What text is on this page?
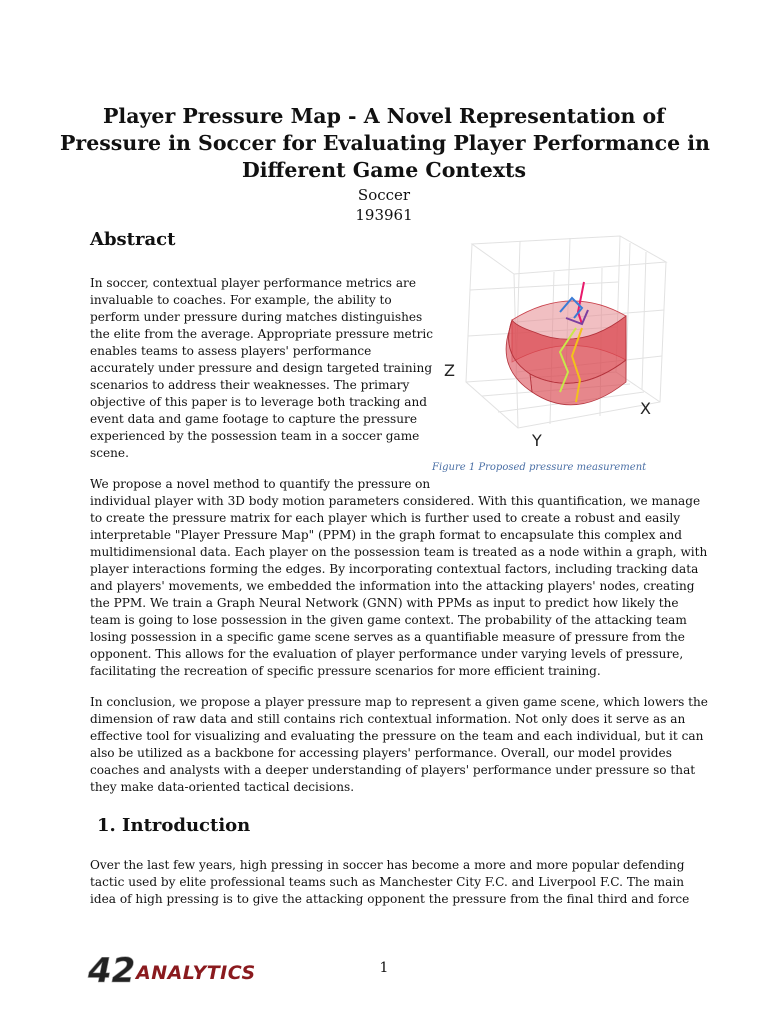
Player Pressure Map - A Novel Representation of
Pressure in Soccer for Evaluating Player Performance in
Different Game Contexts
Soccer
193961
Abstract

In soccer, contextual player performance metrics are
invaluable to coaches. For example, the ability to
perform under pressure during matches distinguishes
the elite from the average. Appropriate pressure metric
enables teams to assess players' performance
accurately under pressure and design targeted training
scenarios to address their weaknesses. The primary
objective of this paper is to leverage both tracking and
event data and game footage to capture the pressure
experienced by the possession team in a soccer game
scene.

Z
X
Y
Figure 1 Proposed pressure measurement

We propose a novel method to quantify the pressure on
individual player with 3D body motion parameters considered. With this quantification, we manage
to create the pressure matrix for each player which is further used to create a robust and easily
interpretable "Player Pressure Map" (PPM) in the graph format to encapsulate this complex and
multidimensional data. Each player on the possession team is treated as a node within a graph, with
player interactions forming the edges. By incorporating contextual factors, including tracking data
and players' movements, we embedded the information into the attacking players' nodes, creating
the PPM. We train a Graph Neural Network (GNN) with PPMs as input to predict how likely the
team is going to lose possession in the given game context. The probability of the attacking team
losing possession in a specific game scene serves as a quantifiable measure of pressure from the
opponent. This allows for the evaluation of player performance under varying levels of pressure,
facilitating the recreation of specific pressure scenarios for more efficient training.

In conclusion, we propose a player pressure map to represent a given game scene, which lowers the
dimension of raw data and still contains rich contextual information. Not only does it serve as an
effective tool for visualizing and evaluating the pressure on the team and each individual, but it can
also be utilized as a backbone for accessing players' performance. Overall, our model provides
coaches and analysts with a deeper understanding of players' performance under pressure so that
they make data-oriented tactical decisions.

1. Introduction

Over the last few years, high pressing in soccer has become a more and more popular defending
tactic used by elite professional teams such as Manchester City F.C. and Liverpool F.C. The main
idea of high pressing is to give the attacking opponent the pressure from the final third and force

42 ANALYTICS	1
